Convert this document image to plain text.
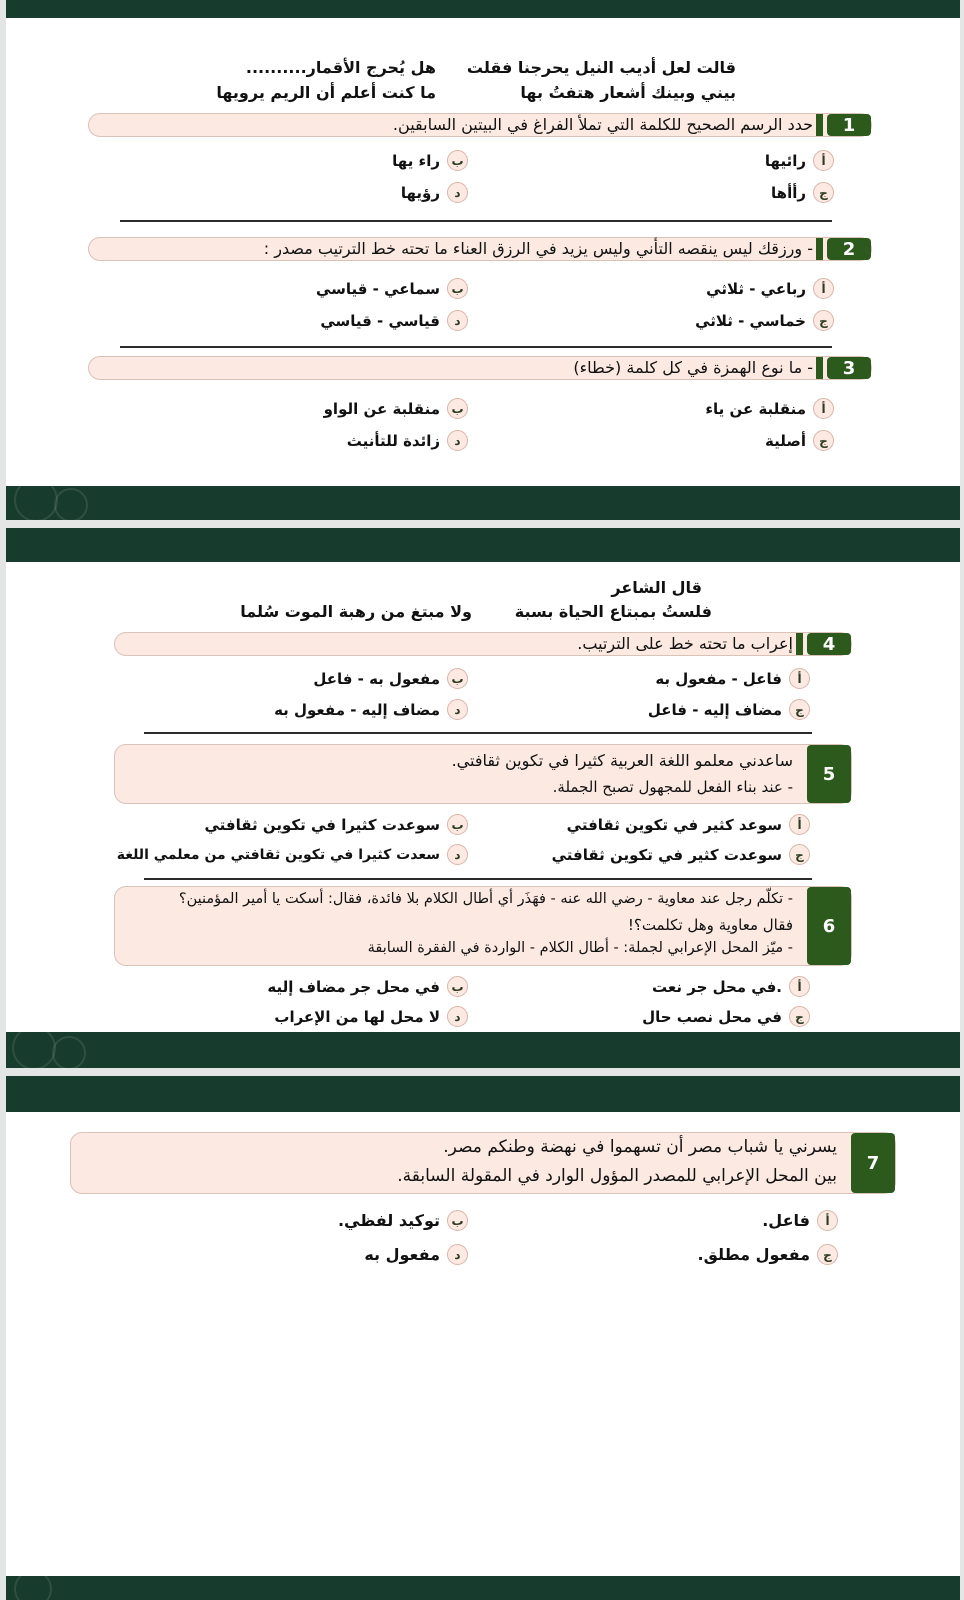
قالت لعل أديب النيل يحرجنا فقلت
هل يُحرج الأقمار..........
بيني وبينك أشعار هتفتُ بها
ما كنت أعلم أن الريم يرويها
1
حدد الرسم الصحيح للكلمة التي تملأ الفراغ في البيتين السابقين.
أ
رائيها
ب
راء يها
ج
رأأها
د
رؤيها
2
- ورزقك ليس ينقصه التأني وليس يزيد في الرزق العناء ما تحته خط الترتيب مصدر :
أ
رباعي - ثلاثي
ب
سماعي - قياسي
ج
خماسي - ثلاثي
د
قياسي - قياسي
3
- ما نوع الهمزة في كل كلمة (خطاء)
أ
منقلبة عن ياء
ب
منقلبة عن الواو
ج
أصلية
د
زائدة للتأنيث
قال الشاعر
فلستُ بمبتاع الحياة بسبة
ولا مبتغ من رهبة الموت سُلما
4
إعراب ما تحته خط على الترتيب.
أ
فاعل - مفعول به
ب
مفعول به - فاعل
ج
مضاف إليه - فاعل
د
مضاف إليه - مفعول به
5
ساعدني معلمو اللغة العربية كثيرا في تكوين ثقافتي.
- عند بناء الفعل للمجهول تصبح الجملة.
أ
سوعد كثير في تكوين ثقافتي
ب
سوعدت كثيرا في تكوين ثقافتي
ج
سوعدت كثير في تكوين ثقافتي
د
سعدت كثيرا في تكوين ثقافتي من معلمي اللغة
6
- تكلّم رجل عند معاوية - رضي الله عنه - فهَذَر أي أطال الكلام بلا فائدة، فقال: أسكت يا أمير المؤمنين؟
فقال معاوية وهل تكلمت؟!
- ميّز المحل الإعرابي لجملة: - أطال الكلام - الواردة في الفقرة السابقة
أ
.في محل جر نعت
ب
في محل جر مضاف إليه
ج
في محل نصب حال
د
لا محل لها من الإعراب
7
يسرني يا شباب مصر أن تسهموا في نهضة وطنكم مصر.
بين المحل الإعرابي للمصدر المؤول الوارد في المقولة السابقة.
أ
فاعل.
ب
توكيد لفظي.
ج
مفعول مطلق.
د
مفعول به
